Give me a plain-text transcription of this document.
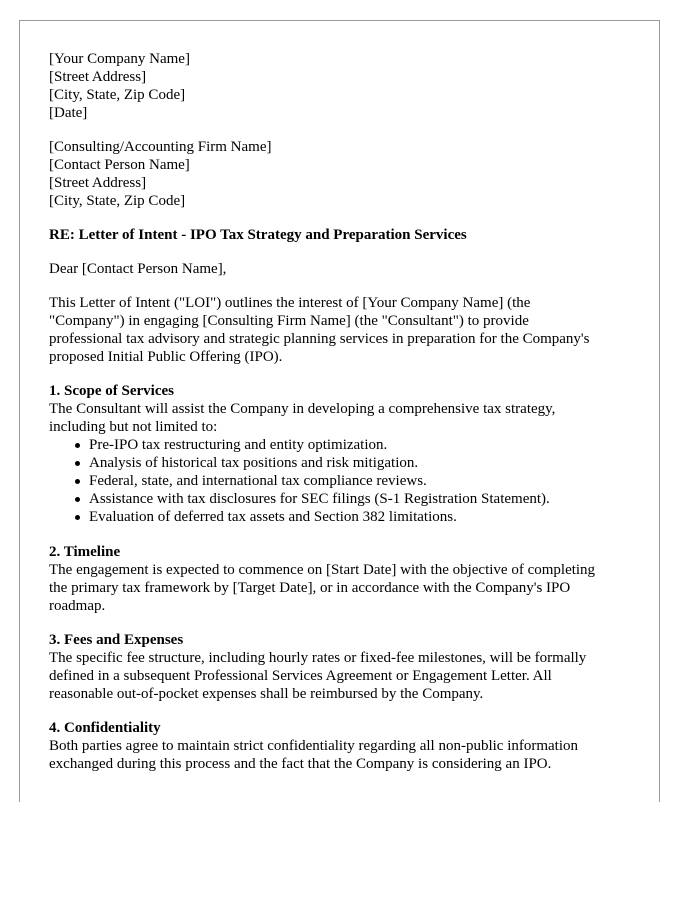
[Your Company Name]
[Street Address]
[City, State, Zip Code]
[Date]
[Consulting/Accounting Firm Name]
[Contact Person Name]
[Street Address]
[City, State, Zip Code]
RE: Letter of Intent - IPO Tax Strategy and Preparation Services
Dear [Contact Person Name],
This Letter of Intent ("LOI") outlines the interest of [Your Company Name] (the
"Company") in engaging [Consulting Firm Name] (the "Consultant") to provide
professional tax advisory and strategic planning services in preparation for the Company's
proposed Initial Public Offering (IPO).
1. Scope of Services
The Consultant will assist the Company in developing a comprehensive tax strategy,
including but not limited to:
Pre-IPO tax restructuring and entity optimization.
Analysis of historical tax positions and risk mitigation.
Federal, state, and international tax compliance reviews.
Assistance with tax disclosures for SEC filings (S-1 Registration Statement).
Evaluation of deferred tax assets and Section 382 limitations.
2. Timeline
The engagement is expected to commence on [Start Date] with the objective of completing
the primary tax framework by [Target Date], or in accordance with the Company's IPO
roadmap.
3. Fees and Expenses
The specific fee structure, including hourly rates or fixed-fee milestones, will be formally
defined in a subsequent Professional Services Agreement or Engagement Letter. All
reasonable out-of-pocket expenses shall be reimbursed by the Company.
4. Confidentiality
Both parties agree to maintain strict confidentiality regarding all non-public information
exchanged during this process and the fact that the Company is considering an IPO.
